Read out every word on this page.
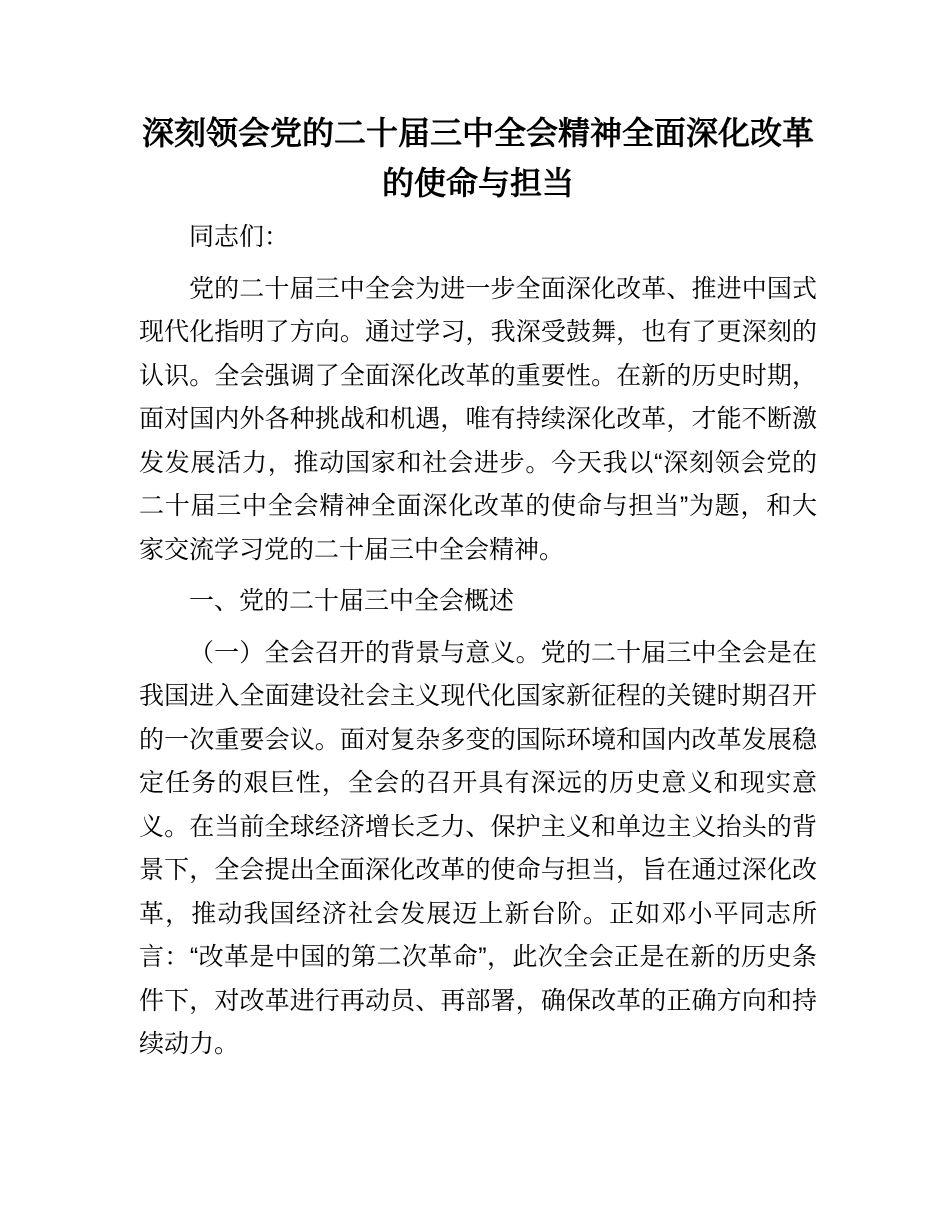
深刻领会党的二十届三中全会精神全面深化改革的使命与担当

同志们：

党的二十届三中全会为进一步全面深化改革、推进中国式现代化指明了方向。通过学习，我深受鼓舞，也有了更深刻的认识。全会强调了全面深化改革的重要性。在新的历史时期，面对国内外各种挑战和机遇，唯有持续深化改革，才能不断激发发展活力，推动国家和社会进步。今天我以“深刻领会党的二十届三中全会精神全面深化改革的使命与担当”为题，和大家交流学习党的二十届三中全会精神。

一、党的二十届三中全会概述

（一）全会召开的背景与意义。党的二十届三中全会是在我国进入全面建设社会主义现代化国家新征程的关键时期召开的一次重要会议。面对复杂多变的国际环境和国内改革发展稳定任务的艰巨性，全会的召开具有深远的历史意义和现实意义。在当前全球经济增长乏力、保护主义和单边主义抬头的背景下，全会提出全面深化改革的使命与担当，旨在通过深化改革，推动我国经济社会发展迈上新台阶。正如邓小平同志所言：“改革是中国的第二次革命”，此次全会正是在新的历史条件下，对改革进行再动员、再部署，确保改革的正确方向和持续动力。
